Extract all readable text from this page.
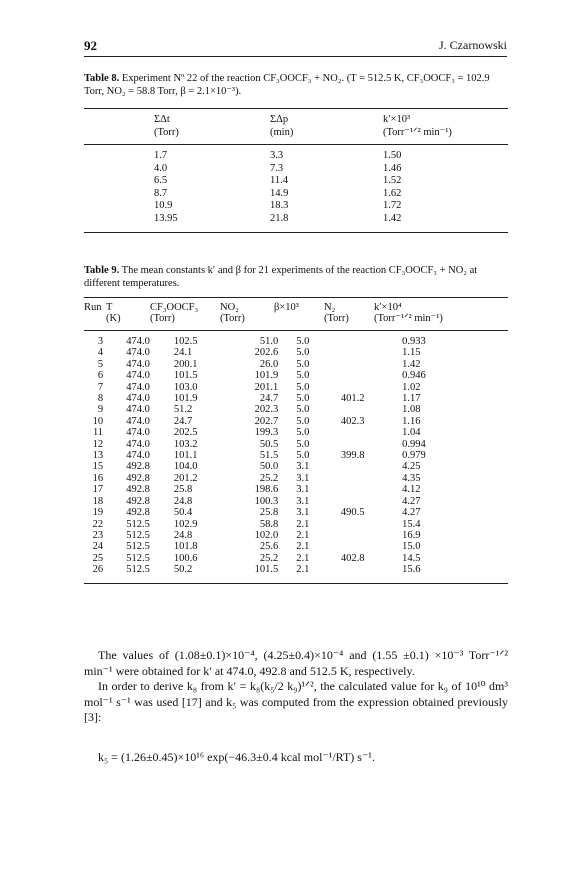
92	J. Czarnowski
Table 8. Experiment Nº 22 of the reaction CF₃OOCF₃ + NO₂. (T = 512.5 K, CF₃OOCF₃ = 102.9 Torr, NO₂ = 58.8 Torr, β = 2.1×10⁻³).
	ΣΔt	ΣΔp	k′×10³
	(Torr)	(min)	(Torr⁻¹ᐟ² min⁻¹)
	1.7	3.3	1.50
	4.0	7.3	1.46
	6.5	11.4	1.52
	8.7	14.9	1.62
	10.9	18.3	1.72
	13.95	21.8	1.42
Table 9. The mean constants k′ and β for 21 experiments of the reaction CF₃OOCF₃ + NO₂ at different temperatures.
Run	T	CF₃OOCF₃	NO₂	β×10³	N₂	k′×10⁴
	(K)	(Torr)	(Torr)		(Torr)	(Torr⁻¹ᐟ² min⁻¹)
3	474.0	102.5	51.0	5.0		0.933
4	474.0	24.1	202.6	5.0		1.15
5	474.0	200.1	26.0	5.0		1.42
6	474.0	101.5	101.9	5.0		0.946
7	474.0	103.0	201.1	5.0		1.02
8	474.0	101.9	24.7	5.0	401.2	1.17
9	474.0	51.2	202.3	5.0		1.08
10	474.0	24.7	202.7	5.0	402.3	1.16
11	474.0	202.5	199.3	5.0		1.04
12	474.0	103.2	50.5	5.0		0.994
13	474.0	101.1	51.5	5.0	399.8	0.979
15	492.8	104.0	50.0	3.1		4.25
16	492.8	201.2	25.2	3.1		4.35
17	492.8	25.8	198.6	3.1		4.12
18	492.8	24.8	100.3	3.1		4.27
19	492.8	50.4	25.8	3.1	490.5	4.27
22	512.5	102.9	58.8	2.1		15.4
23	512.5	24.8	102.0	2.1		16.9
24	512.5	101.8	25.6	2.1		15.0
25	512.5	100.6	25.2	2.1	402.8	14.5
26	512.5	50.2	101.5	2.1		15.6

The values of (1.08±0.1)×10⁻⁴, (4.25±0.4)×10⁻⁴ and (1.55 ±0.1) ×10⁻³ Torr⁻¹ᐟ² min⁻¹ were obtained for k′ at 474.0, 492.8 and 512.5 K, respectively.

In order to derive k₈ from k′ = k₈(k₅/2 k₉)¹ᐟ², the calculated value for k₉ of 10¹⁰ dm³ mol⁻¹ s⁻¹ was used [17] and k₅ was computed from the expression obtained previously [3]:

k₅ = (1.26±0.45)×10¹⁶ exp(−46.3±0.4 kcal mol⁻¹/RT) s⁻¹.
